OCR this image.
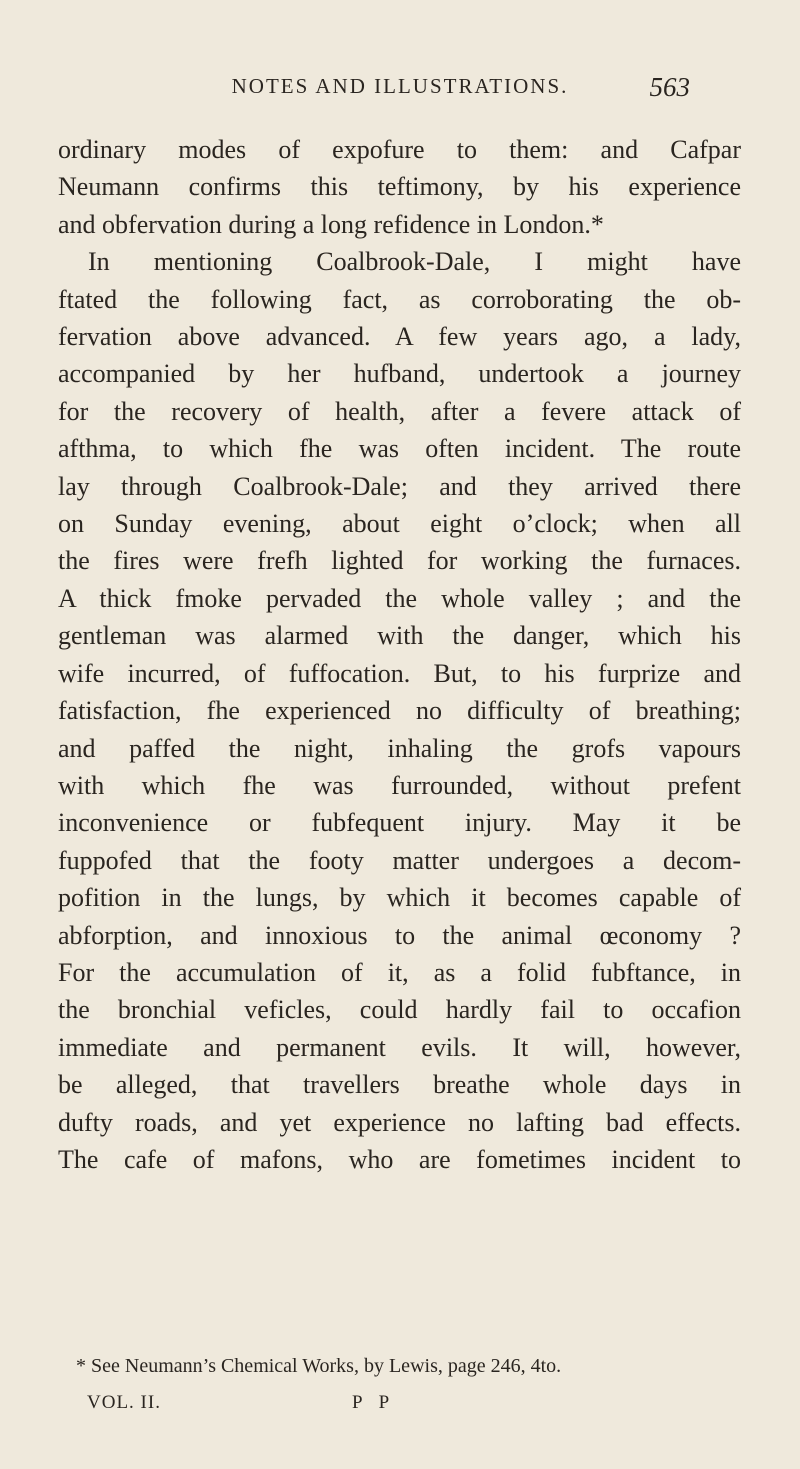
NOTES AND ILLUSTRATIONS.	563
ordinary modes of expofure to them: and Cafpar
Neumann confirms this teftimony, by his experience
and obfervation during a long refidence in London.*
In mentioning Coalbrook-Dale, I might have
ftated the following fact, as corroborating the ob-
fervation above advanced. A few years ago, a lady,
accompanied by her hufband, undertook a journey
for the recovery of health, after a fevere attack of
afthma, to which fhe was often incident. The route
lay through Coalbrook-Dale; and they arrived there
on Sunday evening, about eight o’clock; when all
the fires were frefh lighted for working the furnaces.
A thick fmoke pervaded the whole valley ; and the
gentleman was alarmed with the danger, which his
wife incurred, of fuffocation. But, to his furprize and
fatisfaction, fhe experienced no difficulty of breathing;
and paffed the night, inhaling the grofs vapours
with which fhe was furrounded, without prefent
inconvenience or fubfequent injury. May it be
fuppofed that the footy matter undergoes a decom-
pofition in the lungs, by which it becomes capable of
abforption, and innoxious to the animal œconomy ?
For the accumulation of it, as a folid fubftance, in
the bronchial veficles, could hardly fail to occafion
immediate and permanent evils. It will, however,
be alleged, that travellers breathe whole days in
dufty roads, and yet experience no lafting bad effects.
The cafe of mafons, who are fometimes incident to
* See Neumann’s Chemical Works, by Lewis, page 246, 4to.
VOL. II.	P P
